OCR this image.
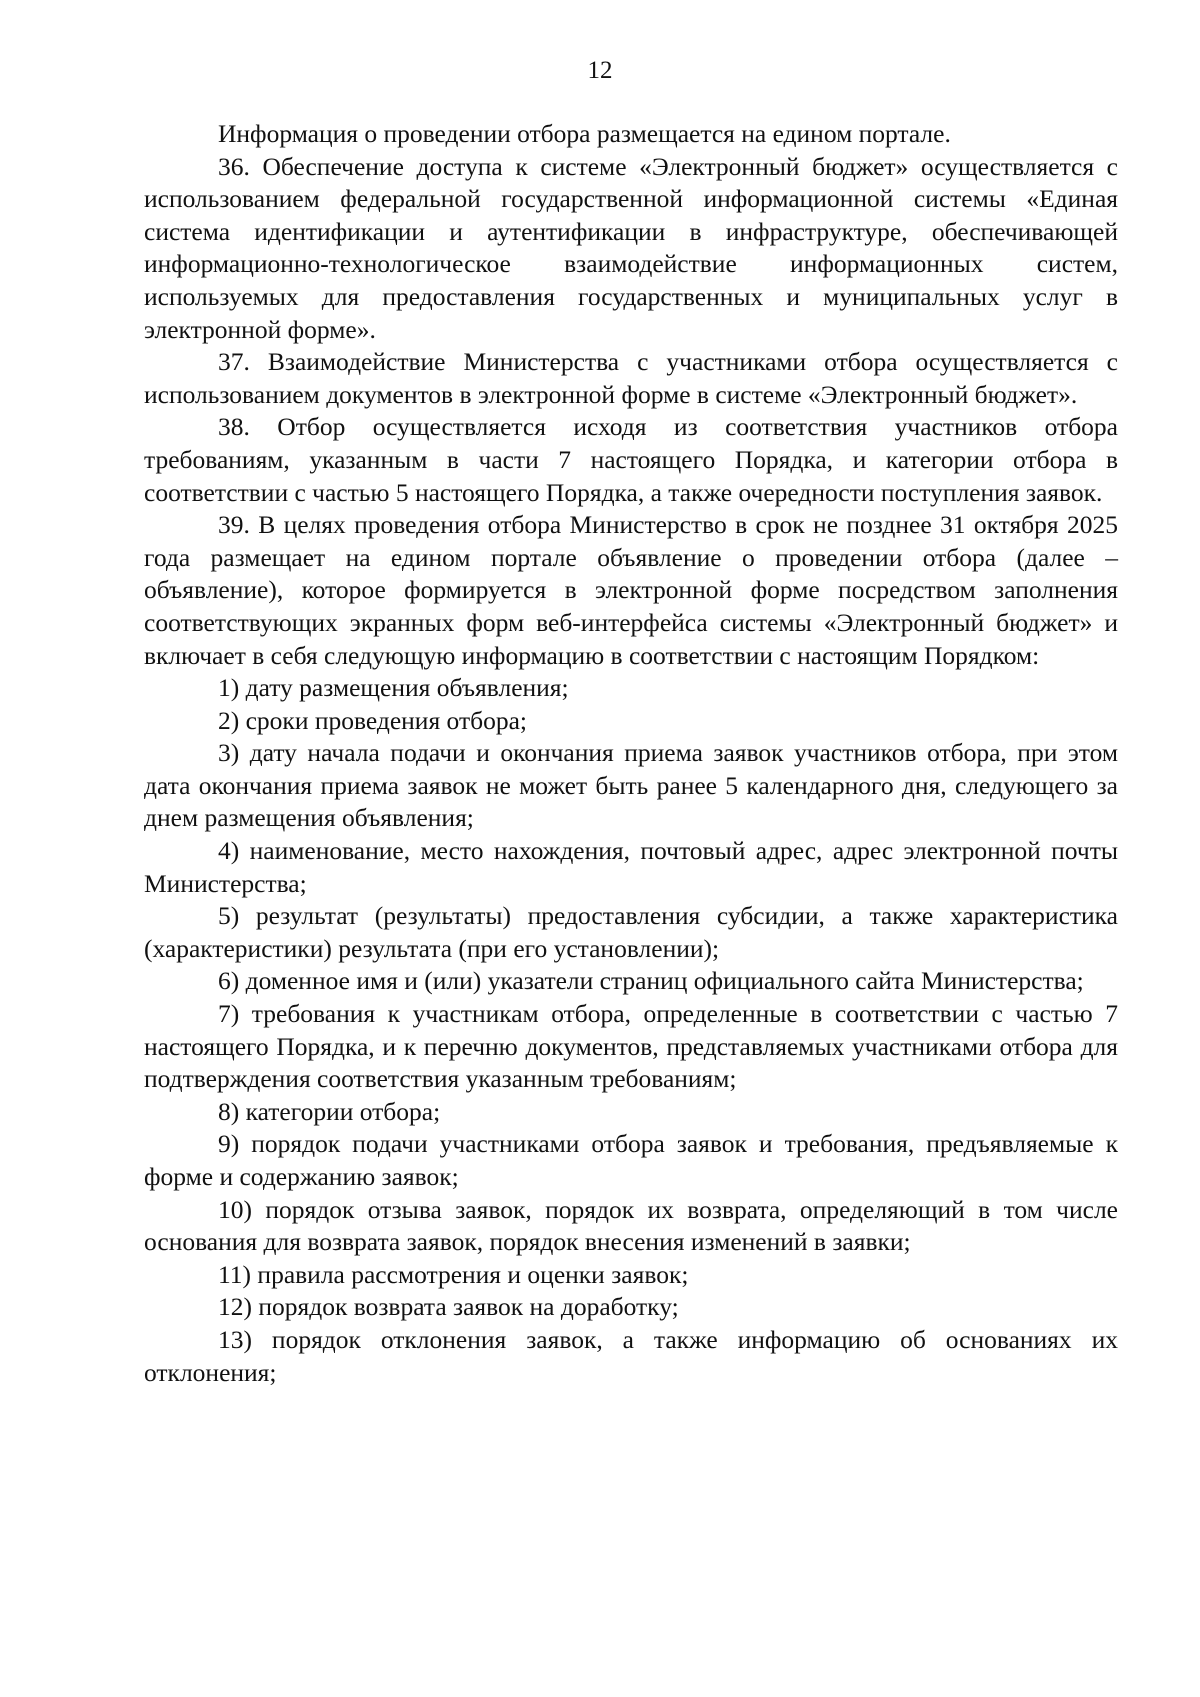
12

Информация о проведении отбора размещается на едином портале.

36. Обеспечение доступа к системе «Электронный бюджет» осуществляется с использованием федеральной государственной информационной системы «Единая система идентификации и аутентификации в инфраструктуре, обеспечивающей информационно-технологическое взаимодействие информационных систем, используемых для предоставления государственных и муниципальных услуг в электронной форме».

37. Взаимодействие Министерства с участниками отбора осуществляется с использованием документов в электронной форме в системе «Электронный бюджет».

38. Отбор осуществляется исходя из соответствия участников отбора требованиям, указанным в части 7 настоящего Порядка, и категории отбора в соответствии с частью 5 настоящего Порядка, а также очередности поступления заявок.

39. В целях проведения отбора Министерство в срок не позднее 31 октября 2025 года размещает на едином портале объявление о проведении отбора (далее – объявление), которое формируется в электронной форме посредством заполнения соответствующих экранных форм веб-интерфейса системы «Электронный бюджет» и включает в себя следующую информацию в соответствии с настоящим Порядком:

1) дату размещения объявления;

2) сроки проведения отбора;

3) дату начала подачи и окончания приема заявок участников отбора, при этом дата окончания приема заявок не может быть ранее 5 календарного дня, следующего за днем размещения объявления;

4) наименование, место нахождения, почтовый адрес, адрес электронной почты Министерства;

5) результат (результаты) предоставления субсидии, а также характеристика (характеристики) результата (при его установлении);

6) доменное имя и (или) указатели страниц официального сайта Министерства;

7) требования к участникам отбора, определенные в соответствии с частью 7 настоящего Порядка, и к перечню документов, представляемых участниками отбора для подтверждения соответствия указанным требованиям;

8) категории отбора;

9) порядок подачи участниками отбора заявок и требования, предъявляемые к форме и содержанию заявок;

10) порядок отзыва заявок, порядок их возврата, определяющий в том числе основания для возврата заявок, порядок внесения изменений в заявки;

11) правила рассмотрения и оценки заявок;

12) порядок возврата заявок на доработку;

13) порядок отклонения заявок, а также информацию об основаниях их отклонения;
